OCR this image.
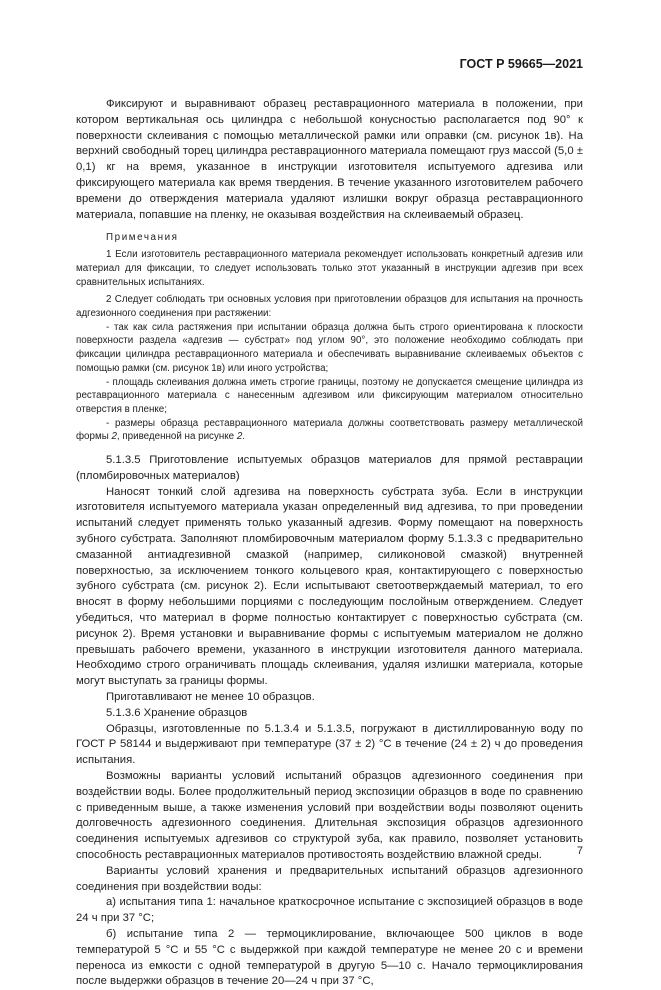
ГОСТ Р 59665—2021

Фиксируют и выравнивают образец реставрационного материала в положении, при котором вертикальная ось цилиндра с небольшой конусностью располагается под 90° к поверхности склеивания с помощью металлической рамки или оправки (см. рисунок 1в). На верхний свободный торец цилиндра реставрационного материала помещают груз массой (5,0 ± 0,1) кг на время, указанное в инструкции изготовителя испытуемого адгезива или фиксирующего материала как время твердения. В течение указанного изготовителем рабочего времени до отверждения материала удаляют излишки вокруг образца реставрационного материала, попавшие на пленку, не оказывая воздействия на склеиваемый образец.

Примечания

1 Если изготовитель реставрационного материала рекомендует использовать конкретный адгезив или материал для фиксации, то следует использовать только этот указанный в инструкции адгезив при всех сравнительных испытаниях.

2 Следует соблюдать три основных условия при приготовлении образцов для испытания на прочность адгезионного соединения при растяжении:

- так как сила растяжения при испытании образца должна быть строго ориентирована к плоскости поверхности раздела «адгезив — субстрат» под углом 90°, это положение необходимо соблюдать при фиксации цилиндра реставрационного материала и обеспечивать выравнивание склеиваемых объектов с помощью рамки (см. рисунок 1в) или иного устройства;

- площадь склеивания должна иметь строгие границы, поэтому не допускается смещение цилиндра из реставрационного материала с нанесенным адгезивом или фиксирующим материалом относительно отверстия в пленке;

- размеры образца реставрационного материала должны соответствовать размеру металлической формы 2, приведенной на рисунке 2.

5.1.3.5 Приготовление испытуемых образцов материалов для прямой реставрации (пломбировочных материалов)

Наносят тонкий слой адгезива на поверхность субстрата зуба. Если в инструкции изготовителя испытуемого материала указан определенный вид адгезива, то при проведении испытаний следует применять только указанный адгезив. Форму помещают на поверхность зубного субстрата. Заполняют пломбировочным материалом форму 5.1.3.3 с предварительно смазанной антиадгезивной смазкой (например, силиконовой смазкой) внутренней поверхностью, за исключением тонкого кольцевого края, контактирующего с поверхностью зубного субстрата (см. рисунок 2). Если испытывают светоотверждаемый материал, то его вносят в форму небольшими порциями с последующим послойным отверждением. Следует убедиться, что материал в форме полностью контактирует с поверхностью субстрата (см. рисунок 2). Время установки и выравнивание формы с испытуемым материалом не должно превышать рабочего времени, указанного в инструкции изготовителя данного материала. Необходимо строго ограничивать площадь склеивания, удаляя излишки материала, которые могут выступать за границы формы.

Приготавливают не менее 10 образцов.

5.1.3.6 Хранение образцов

Образцы, изготовленные по 5.1.3.4 и 5.1.3.5, погружают в дистиллированную воду по ГОСТ Р 58144 и выдерживают при температуре (37 ± 2) °С в течение (24 ± 2) ч до проведения испытания.

Возможны варианты условий испытаний образцов адгезионного соединения при воздействии воды. Более продолжительный период экспозиции образцов в воде по сравнению с приведенным выше, а также изменения условий при воздействии воды позволяют оценить долговечность адгезионного соединения. Длительная экспозиция образцов адгезионного соединения испытуемых адгезивов со структурой зуба, как правило, позволяет установить способность реставрационных материалов противостоять воздействию влажной среды.

Варианты условий хранения и предварительных испытаний образцов адгезионного соединения при воздействии воды:

а) испытания типа 1: начальное краткосрочное испытание с экспозицией образцов в воде 24 ч при 37 °С;

б) испытание типа 2 — термоциклирование, включающее 500 циклов в воде температурой 5 °С и 55 °С с выдержкой при каждой температуре не менее 20 с и времени переноса из емкости с одной температурой в другую 5—10 с. Начало термоциклирования после выдержки образцов в течение 20—24 ч при 37 °С,

7
